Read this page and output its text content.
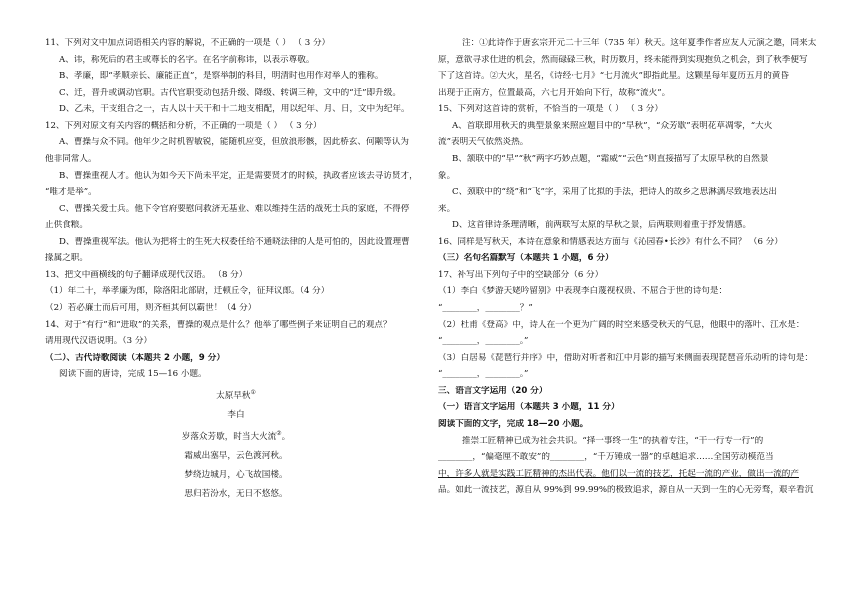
11、下列对文中加点词语相关内容的解说，不正确的一项是（ ） （ 3 分）
A、讳，称死后的君主或尊长的名字。在名字前称讳，以表示尊敬。
B、孝廉，即“孝顺亲长、廉能正直”，是察举制的科目，明清时也用作对举人的雅称。
C、迁，晋升或调动官职。古代官职变动包括升级、降级、转调三种，文中的“迁”即升级。
D、乙未，干支组合之一，古人以十天干和十二地支相配，用以纪年、月、日，文中为纪年。
12、下列对原文有关内容的概括和分析，不正确的一项是（ ） （ 3 分）
A、曹操与众不同。他年少之时机智敏锐，能随机应变，但放浪形骸，因此桥玄、何颙等认为
他非同常人。
B、曹操重视人才。他认为如今天下尚未平定，正是需要贤才的时候，执政者应该去寻访贤才，
“唯才是举”。
C、曹操关爱士兵。他下令官府要慰问救济无基业、难以维持生活的战死士兵的家庭，不得停
止供食粮。
D、曹操重视军法。他认为把将士的生死大权委任给不通晓法律的人是可怕的，因此设置理曹
掾属之职。
13、把文中画横线的句子翻译成现代汉语。 （8 分）
（1）年二十，举孝廉为郎，除洛阳北部尉，迁顿丘令，征拜议郎。（4 分）
（2）若必廉士而后可用，则齐桓其何以霸世！（4 分）
14、对于“有行”和“进取”的关系，曹操的观点是什么？他举了哪些例子来证明自己的观点？
请用现代汉语说明。（3 分）
（二）、古代诗歌阅读（本题共 2 小题，9 分）
阅读下面的唐诗，完成 15—16 小题。
太原早秋①
李白
岁落众芳歇，时当大火流②。
霜威出塞早，云色渡河秋。
梦绕边城月，心飞故国楼。
思归若汾水，无日不悠悠。
注：①此诗作于唐玄宗开元二十三年（735 年）秋天。这年夏季作者应友人元演之邀，同来太
原，意欲寻求仕进的机会，然而碌碌三秋，时历数月，终未能得到实现抱负之机会，到了秋季便写
下了这首诗。②大火，星名，《诗经·七月》“七月流火”即指此星。这颗星每年夏历五月的黄昏
出现于正南方，位置最高，六七月开始向下行，故称“流火”。
15、下列对这首诗的赏析，不恰当的一项是（ ） （ 3 分）
A、首联即用秋天的典型景象来照应题目中的“早秋”，“众芳歇”表明花草凋零，“大火
流”表明天气依然炎热。
B、颔联中的“早”“秋”两字巧妙点题，“霜威”“云色”则直接描写了太原早秋的自然景
象。
C、颈联中的“绕”和“飞”字，采用了比拟的手法，把诗人的故乡之思淋漓尽致地表达出
来。
D、这首律诗条理清晰，前两联写太原的早秋之景，后两联则着重于抒发情感。
16、同样是写秋天，本诗在意象和情感表达方面与《沁园春•长沙》有什么不同？ （6 分）
（三）名句名篇默写（本题共 1 小题，6 分）
17、补写出下列句子中的空缺部分（6 分）
（1）李白《梦游天姥吟留别》中表现李白蔑视权贵、不屈合于世的诗句是：
“________，________？”
（2）杜甫《登高》中，诗人在一个更为广阔的时空来感受秋天的气息，他眼中的落叶、江水是：
“________，________。”
（3）白居易《琵琶行并序》中，借助对听者和江中月影的描写来侧面表现琵琶音乐动听的诗句是：
“________，________。”
三、语言文字运用（20 分）
（一）语言文字运用（本题共 3 小题，11 分）
阅读下面的文字，完成 18—20 小题。
推崇工匠精神已成为社会共识。“择一事终一生”的执着专注，“干一行专一行”的
________，“偏毫厘不敢安”的________，“千万锤成一器”的卓越追求……全国劳动模范当
中，许多人就是实践工匠精神的杰出代表。他们以一流的技艺，托起一流的产业，做出一流的产
品。如此一流技艺，源自从 99%到 99.99%的极致追求，源自从一天到一生的心无旁骛，艰辛看沉
